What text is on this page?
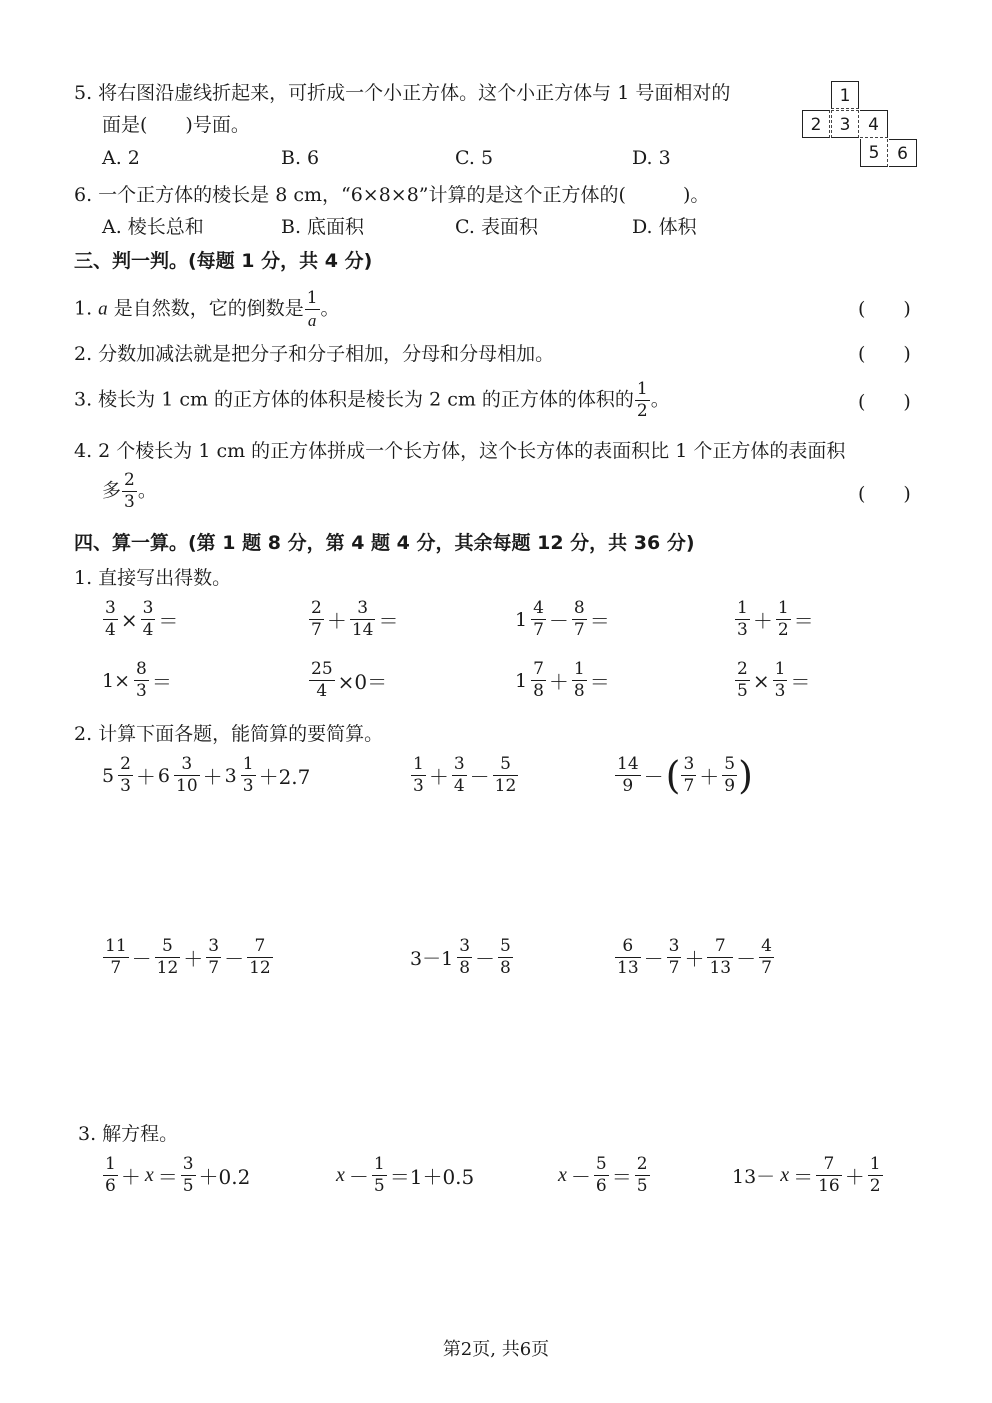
5. 将右图沿虚线折起来，可折成一个小正方体。这个小正方体与 1 号面相对的
面是(　　)号面。
A. 2	B. 6	C. 5	D. 3
1
2	3	4
5	6
6. 一个正方体的棱长是 8 cm，“6×8×8”计算的是这个正方体的(　　　)。
A. 棱长总和	B. 底面积	C. 表面积	D. 体积
三、判一判。(每题 1 分，共 4 分)
1. a 是自然数，它的倒数是 $\frac{1}{a}$ 。	(　　)
2. 分数加减法就是把分子和分子相加，分母和分母相加。	(　　)
3. 棱长为 1 cm 的正方体的体积是棱长为 2 cm 的正方体的体积的 $\frac{1}{2}$ 。	(　　)
4. 2 个棱长为 1 cm 的正方体拼成一个长方体，这个长方体的表面积比 1 个正方体的表面积
多 $\frac{2}{3}$ 。	(　　)
四、算一算。(第 1 题 8 分，第 4 题 4 分，其余每题 12 分，共 36 分)
1. 直接写出得数。
$\frac{3}{4} \times \frac{3}{4}$ ＝	$\frac{2}{7} + \frac{3}{14}$ ＝	$1 \frac{4}{7} - \frac{8}{7}$ ＝	$\frac{1}{3} + \frac{1}{2}$ ＝
$1\times \frac{8}{3}$ ＝	$\frac{25}{4} \times 0=$	$1 \frac{7}{8} + \frac{1}{8}$ ＝	$\frac{2}{5} \times \frac{1}{3}$ ＝
2. 计算下面各题，能简算的要简算。
$5 \frac{2}{3} + 6 \frac{3}{10} + 3 \frac{1}{3} +2.7$	$\frac{1}{3} + \frac{3}{4} - \frac{5}{12}$	$\frac{14}{9}$ －( $\frac{3}{7} + \frac{5}{9}$ )
$\frac{11}{7} - \frac{5}{12} + \frac{3}{7} - \frac{7}{12}$	$3-1 \frac{3}{8} - \frac{5}{8}$	$\frac{6}{13} - \frac{3}{7} + \frac{7}{13} - \frac{4}{7}$
3. 解方程。
$\frac{1}{6} + x = \frac{3}{5} +0.2$	$x - \frac{1}{5} =1+0.5$	$x - \frac{5}{6} = \frac{2}{5}$	$13- x = \frac{7}{16} + \frac{1}{2}$
第2页, 共6页
